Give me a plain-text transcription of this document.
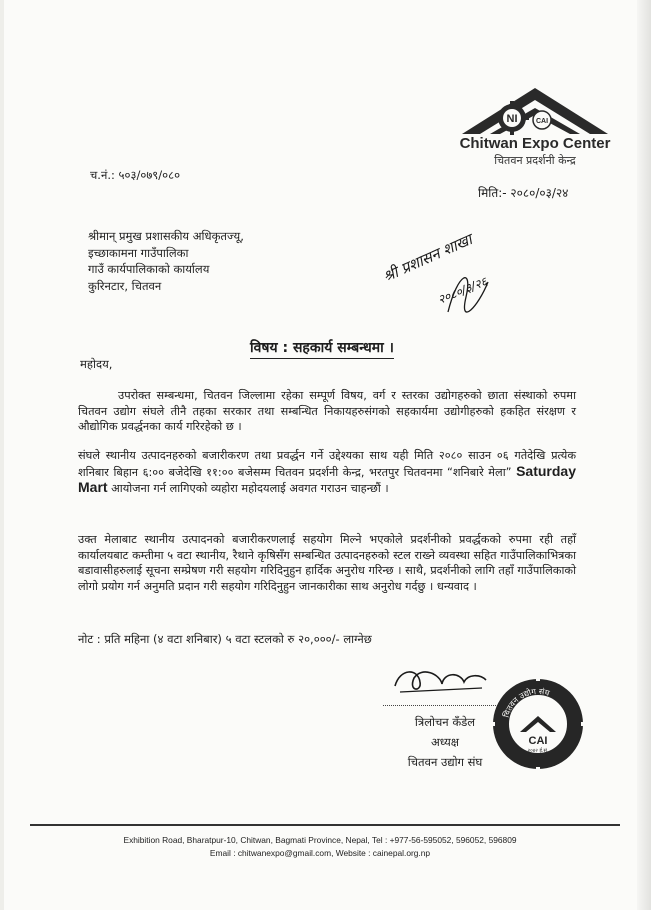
NI	CAI
Chitwan Expo Center
चितवन प्रदर्शनी केन्द्र
च.नं.: ५०३/०७९/०८०
मिति:- २०८०/०३/२४
श्रीमान् प्रमुख प्रशासकीय अधिकृतज्यू,
इच्छाकामना गाउँपालिका
गाउँ कार्यपालिकाको कार्यालय
कुरिनटार, चितवन	श्री प्रशासन शाखा
२०८०/३/२६
विषय : सहकार्य सम्बन्धमा ।
महोदय,
उपरोक्त सम्बन्धमा, चितवन जिल्लामा रहेका सम्पूर्ण विषय, वर्ग र स्तरका उद्योगहरुको छाता संस्थाको रुपमा चितवन उद्योग संघले तीनै तहका सरकार तथा सम्बन्धित निकायहरुसंगको सहकार्यमा उद्योगीहरुको हकहित संरक्षण र औद्योगिक प्रवर्द्धनका कार्य गरिरहेको छ ।
संघले स्थानीय उत्पादनहरुको बजारीकरण तथा प्रवर्द्धन गर्ने उद्देश्यका साथ यही मिति २०८० साउन ०६ गतेदेखि प्रत्येक शनिबार बिहान ६:०० बजेदेखि ११:०० बजेसम्म चितवन प्रदर्शनी केन्द्र, भरतपुर चितवनमा “शनिबारे मेला” Saturday Mart आयोजना गर्न लागिएको व्यहोरा महोदयलाई अवगत गराउन चाहन्छौं ।
उक्त मेलाबाट स्थानीय उत्पादनको बजारीकरणलाई सहयोग मिल्ने भएकोले प्रदर्शनीको प्रवर्द्धकको रुपमा रही तहाँ कार्यालयबाट कम्तीमा ५ वटा स्थानीय, रैथाने कृषिसँग सम्बन्धित उत्पादनहरुको स्टल राख्ने व्यवस्था सहित गाउँपालिकाभित्रका बडावासीहरुलाई सूचना सम्प्रेषण गरी सहयोग गरिदिनुहुन हार्दिक अनुरोध गरिन्छ । साथै, प्रदर्शनीको लागि तहाँ गाउँपालिकाको लोगो प्रयोग गर्न अनुमति प्रदान गरी सहयोग गरिदिनुहुन जानकारीका साथ अनुरोध गर्दछु । धन्यवाद ।
नोट : प्रति महिना (४ वटा शनिबार) ५ वटा स्टलको रु २०,०००/- लाग्नेछ
त्रिलोचन कँडेल
अध्यक्ष
चितवन उद्योग संघ
चितवन उद्योग संघ
CAI
२०४२ ई.सं.
Exhibition Road, Bharatpur-10, Chitwan, Bagmati Province, Nepal, Tel : +977-56-595052, 596052, 596809
Email : chitwanexpo@gmail.com, Website : cainepal.org.np
